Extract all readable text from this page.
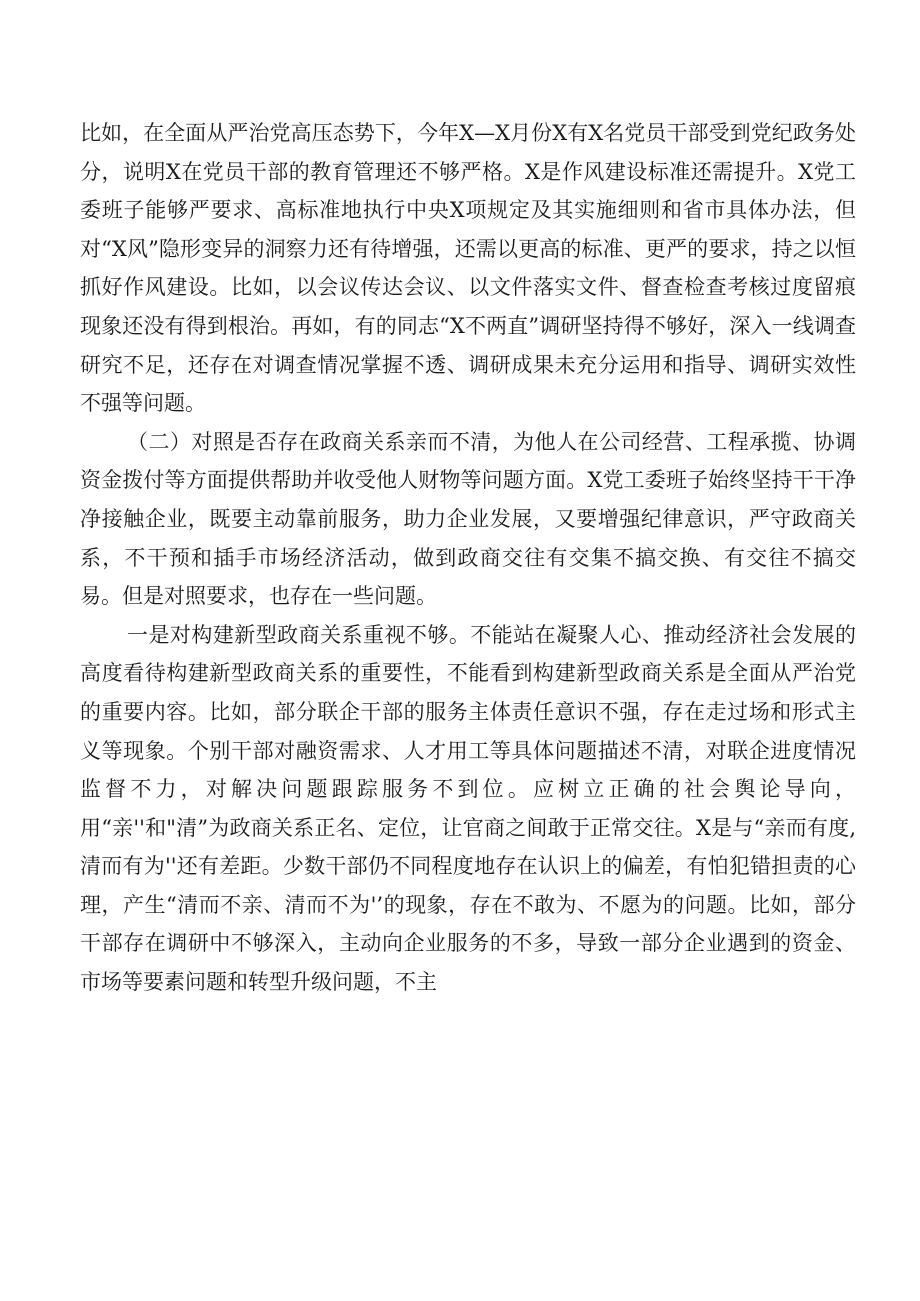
比如，在全面从严治党高压态势下，今年X—X月份X有X名党员干部受到党纪政务处分，说明X在党员干部的教育管理还不够严格。X是作风建设标准还需提升。X党工委班子能够严要求、高标准地执行中央X项规定及其实施细则和省市具体办法，但对“X风”隐形变异的洞察力还有待增强，还需以更高的标准、更严的要求，持之以恒抓好作风建设。比如，以会议传达会议、以文件落实文件、督查检查考核过度留痕现象还没有得到根治。再如，有的同志“X不两直”调研坚持得不够好，深入一线调查研究不足，还存在对调查情况掌握不透、调研成果未充分运用和指导、调研实效性不强等问题。

（二）对照是否存在政商关系亲而不清，为他人在公司经营、工程承揽、协调资金拨付等方面提供帮助并收受他人财物等问题方面。X党工委班子始终坚持干干净净接触企业，既要主动靠前服务，助力企业发展，又要增强纪律意识，严守政商关系，不干预和插手市场经济活动，做到政商交往有交集不搞交换、有交往不搞交易。但是对照要求，也存在一些问题。

一是对构建新型政商关系重视不够。不能站在凝聚人心、推动经济社会发展的高度看待构建新型政商关系的重要性，不能看到构建新型政商关系是全面从严治党的重要内容。比如，部分联企干部的服务主体责任意识不强，存在走过场和形式主义等现象。个别干部对融资需求、人才用工等具体问题描述不清，对联企进度情况监督不力，对解决问题跟踪服务不到位。应树立正确的社会舆论导向，用“亲''和"清”为政商关系正名、定位，让官商之间敢于正常交往。X是与“亲而有度,清而有为''还有差距。少数干部仍不同程度地存在认识上的偏差，有怕犯错担责的心理，产生“清而不亲、清而不为'’的现象，存在不敢为、不愿为的问题。比如，部分干部存在调研中不够深入，主动向企业服务的不多，导致一部分企业遇到的资金、市场等要素问题和转型升级问题，不主
